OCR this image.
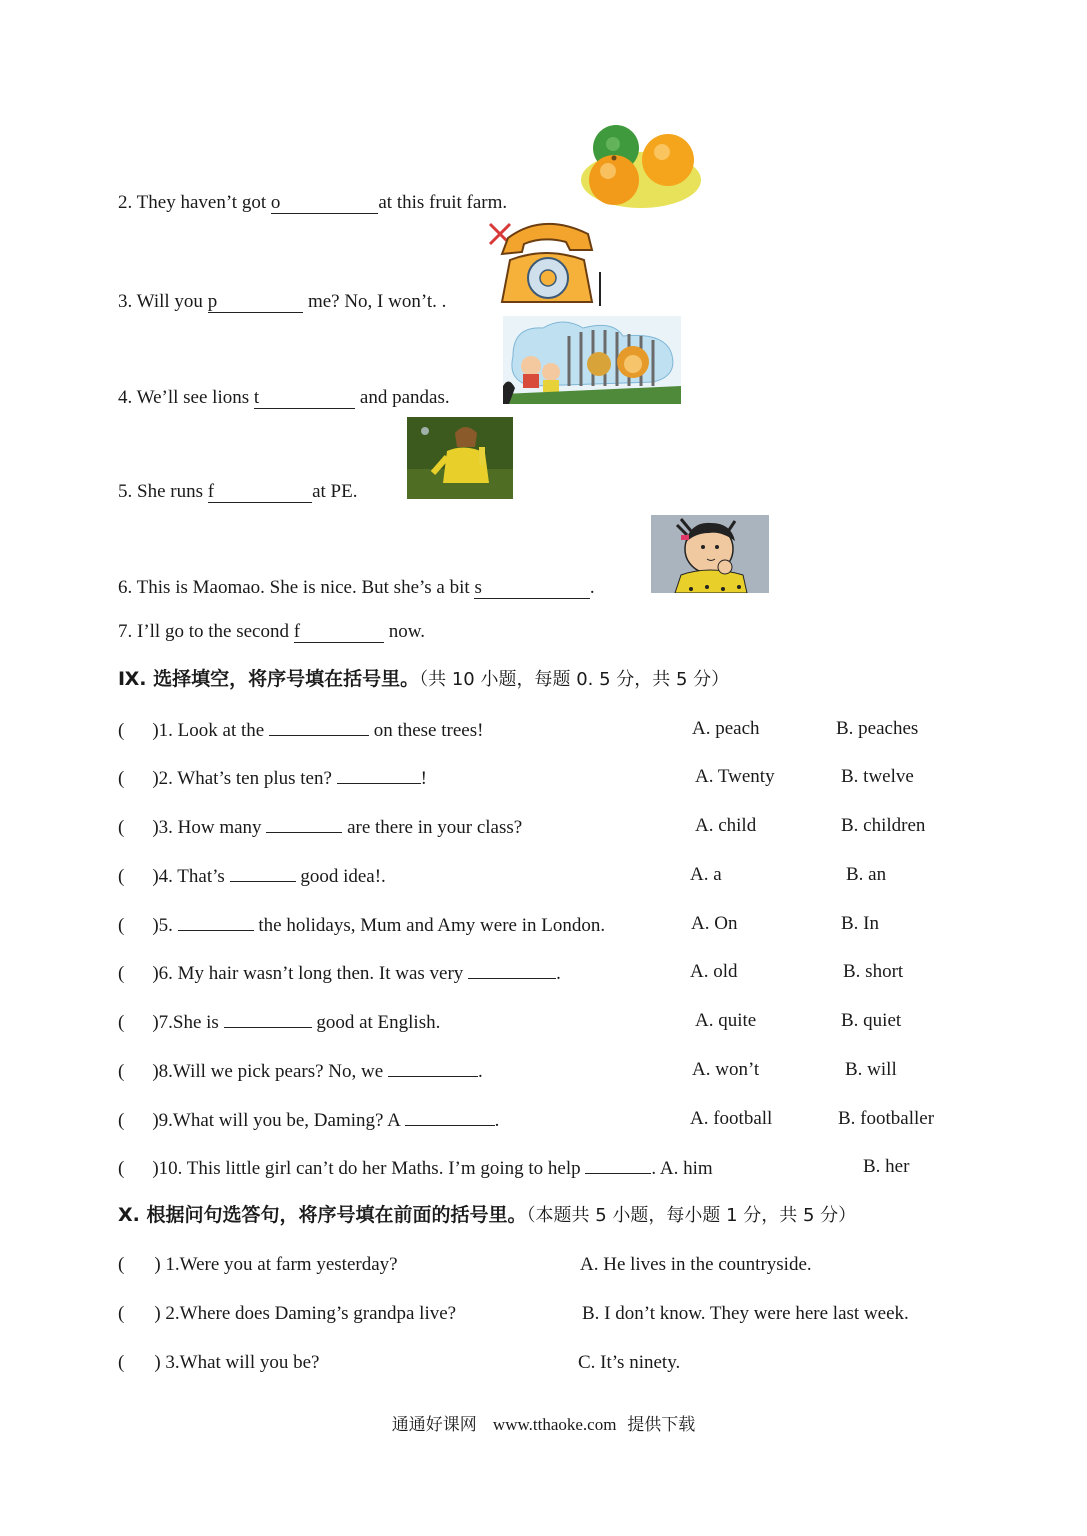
2. They haven’t got o	at this fruit farm.
3. Will you p	me? No, I won’t. .
4. We’ll see lions t	and pandas.
5. She runs f	at PE.
6. This is Maomao. She is nice. But she’s a bit s	.
7. I’ll go to the second f	now.
Ⅸ. 选择填空，将序号填在括号里。（共 10 小题，每题 0. 5 分，共 5 分）
( )1. Look at the	on these trees!	A. peach	B. peaches
( )2. What’s ten plus ten?	!	A. Twenty	B. twelve
( )3. How many	are there in your class?	A. child	B. children
( )4. That’s	good idea!.	A. a	B. an
( )5.	the holidays, Mum and Amy were in London.	A. On	B. In
( )6. My hair wasn’t long then. It was very	.	A. old	B. short
( )7.She is	good at English.	A. quite	B. quiet
( )8.Will we pick pears? No, we	.	A. won’t	B. will
( )9.What will you be, Daming? A	.	A. football	B. footballer
( )10. This little girl can’t do her Maths. I’m going to help	. A. him	B. her
Ⅹ. 根据问句选答句，将序号填在前面的括号里。（本题共 5 小题，每小题 1 分，共 5 分）
( ) 1.Were you at farm yesterday?	A. He lives in the countryside.
( ) 2.Where does Daming’s grandpa live?	B. I don’t know. They were here last week.
( ) 3.What will you be?	C. It’s ninety.
通通好课网 www.tthaoke.com 提供下载
